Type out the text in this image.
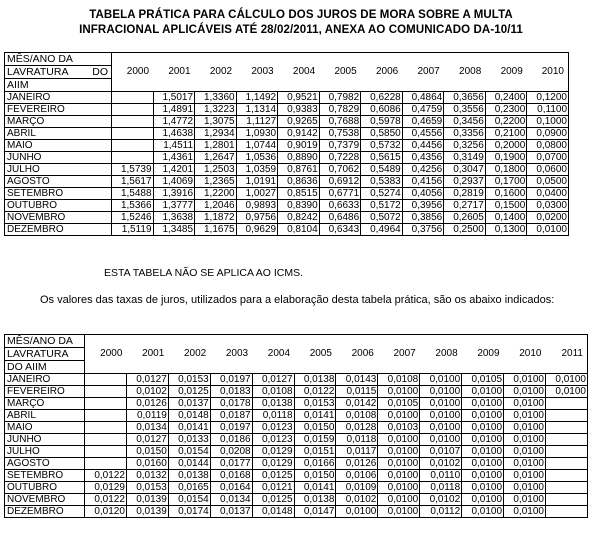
TABELA PRÁTICA PARA CÁLCULO DOS JUROS DE MORA SOBRE A MULTA
INFRACIONAL APLICÁVEIS ATÉ 28/02/2011, ANEXA AO COMUNICADO DA-10/11
MÊS/ANO DA
LAVRATURA DO
AIIM	2000	2001	2002	2003	2004	2005	2006	2007	2008	2009	2010
JANEIRO		1,5017	1,3360	1,1492	0,9521	0,7982	0,6228	0,4864	0,3656	0,2400	0,1200
FEVEREIRO		1,4891	1,3223	1,1314	0,9383	0,7829	0,6086	0,4759	0,3556	0,2300	0,1100
MARÇO		1,4772	1,3075	1,1127	0,9265	0,7688	0,5978	0,4659	0,3456	0,2200	0,1000
ABRIL		1,4638	1,2934	1,0930	0,9142	0,7538	0,5850	0,4556	0,3356	0,2100	0,0900
MAIO		1,4511	1,2801	1,0744	0,9019	0,7379	0,5732	0,4456	0,3256	0,2000	0,0800
JUNHO		1,4361	1,2647	1,0536	0,8890	0,7228	0,5615	0,4356	0,3149	0,1900	0,0700
JULHO	1,5739	1,4201	1,2503	1,0359	0,8761	0,7062	0,5489	0,4256	0,3047	0,1800	0,0600
AGOSTO	1,5617	1,4069	1,2365	1,0191	0,8636	0,6912	0,5383	0,4156	0,2937	0,1700	0,0500
SETEMBRO	1,5488	1,3916	1,2200	1,0027	0,8515	0,6771	0,5274	0,4056	0,2819	0,1600	0,0400
OUTUBRO	1,5366	1,3777	1,2046	0,9893	0,8390	0,6633	0,5172	0,3956	0,2717	0,1500	0,0300
NOVEMBRO	1,5246	1,3638	1,1872	0,9756	0,8242	0,6486	0,5072	0,3856	0,2605	0,1400	0,0200
DEZEMBRO	1,5119	1,3485	1,1675	0,9629	0,8104	0,6343	0,4964	0,3756	0,2500	0,1300	0,0100
ESTA TABELA NÃO SE APLICA AO ICMS.
Os valores das taxas de juros, utilizados para a elaboração desta tabela prática, são os abaixo indicados:
MÊS/ANO DA
LAVRATURA
DO AIIM	2000	2001	2002	2003	2004	2005	2006	2007	2008	2009	2010	2011
JANEIRO		0,0127	0,0153	0,0197	0,0127	0,0138	0,0143	0,0108	0,0100	0,0105	0,0100	0,0100
FEVEREIRO		0,0102	0,0125	0,0183	0,0108	0,0122	0,0115	0,0100	0,0100	0,0100	0,0100	0,0100
MARÇO		0,0126	0,0137	0,0178	0,0138	0,0153	0,0142	0,0105	0,0100	0,0100	0,0100	
ABRIL		0,0119	0,0148	0,0187	0,0118	0,0141	0,0108	0,0100	0,0100	0,0100	0,0100	
MAIO		0,0134	0,0141	0,0197	0,0123	0,0150	0,0128	0,0103	0,0100	0,0100	0,0100	
JUNHO		0,0127	0,0133	0,0186	0,0123	0,0159	0,0118	0,0100	0,0100	0,0100	0,0100	
JULHO		0,0150	0,0154	0,0208	0,0129	0,0151	0,0117	0,0100	0,0107	0,0100	0,0100	
AGOSTO		0,0160	0,0144	0,0177	0,0129	0,0166	0,0126	0,0100	0,0102	0,0100	0,0100	
SETEMBRO	0,0122	0,0132	0,0138	0,0168	0,0125	0,0150	0,0106	0,0100	0,0110	0,0100	0,0100	
OUTUBRO	0,0129	0,0153	0,0165	0,0164	0,0121	0,0141	0,0109	0,0100	0,0118	0,0100	0,0100	
NOVEMBRO	0,0122	0,0139	0,0154	0,0134	0,0125	0,0138	0,0102	0,0100	0,0102	0,0100	0,0100	
DEZEMBRO	0,0120	0,0139	0,0174	0,0137	0,0148	0,0147	0,0100	0,0100	0,0112	0,0100	0,0100	
